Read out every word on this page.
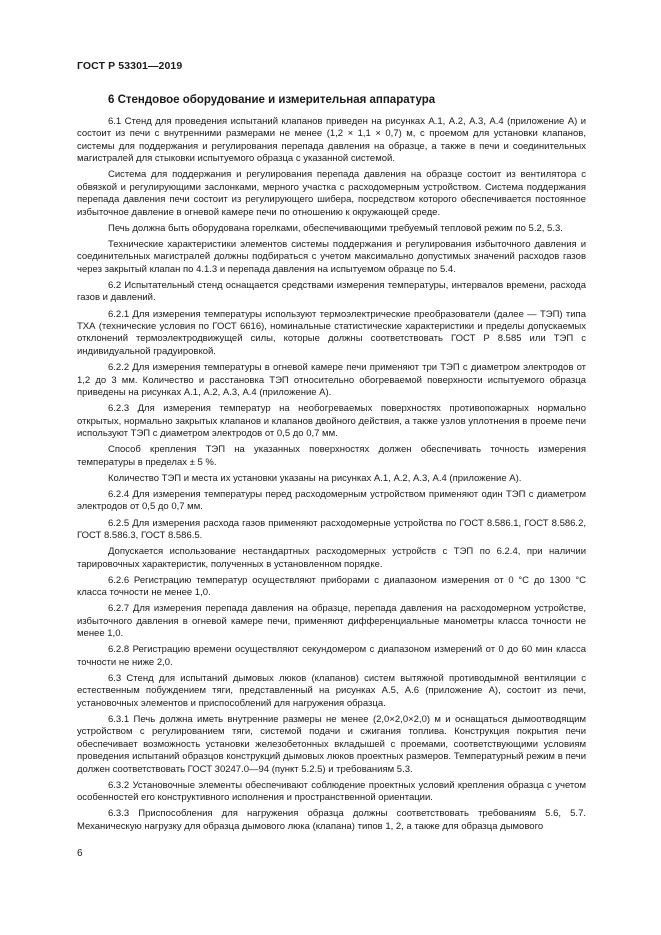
ГОСТ Р 53301—2019
6 Стендовое оборудование и измерительная аппаратура

6.1 Стенд для проведения испытаний клапанов приведен на рисунках А.1, А.2, А.3, А.4 (приложение А) и состоит из печи с внутренними размерами не менее (1,2 × 1,1 × 0,7) м, с проемом для установки клапанов, системы для поддержания и регулирования перепада давления на образце, а также в печи и соединительных магистралей для стыковки испытуемого образца с указанной системой.

Система для поддержания и регулирования перепада давления на образце состоит из вентилятора с обвязкой и регулирующими заслонками, мерного участка с расходомерным устройством. Система поддержания перепада давления печи состоит из регулирующего шибера, посредством которого обеспечивается постоянное избыточное давление в огневой камере печи по отношению к окружающей среде.

Печь должна быть оборудована горелками, обеспечивающими требуемый тепловой режим по 5.2, 5.3.

Технические характеристики элементов системы поддержания и регулирования избыточного давления и соединительных магистралей должны подбираться с учетом максимально допустимых значений расходов газов через закрытый клапан по 4.1.3 и перепада давления на испытуемом образце по 5.4.

6.2 Испытательный стенд оснащается средствами измерения температуры, интервалов времени, расхода газов и давлений.

6.2.1 Для измерения температуры используют термоэлектрические преобразователи (далее — ТЭП) типа ТХА (технические условия по ГОСТ 6616), номинальные статистические характеристики и пределы допускаемых отклонений термоэлектродвижущей силы, которые должны соответствовать ГОСТ Р 8.585 или ТЭП с индивидуальной градуировкой.

6.2.2 Для измерения температуры в огневой камере печи применяют три ТЭП с диаметром электродов от 1,2 до 3 мм. Количество и расстановка ТЭП относительно обогреваемой поверхности испытуемого образца приведены на рисунках А.1, А.2, А.3, А.4 (приложение А).

6.2.3 Для измерения температур на необогреваемых поверхностях противопожарных нормально открытых, нормально закрытых клапанов и клапанов двойного действия, а также узлов уплотнения в проеме печи используют ТЭП с диаметром электродов от 0,5 до 0,7 мм.

Способ крепления ТЭП на указанных поверхностях должен обеспечивать точность измерения температуры в пределах ± 5 %.

Количество ТЭП и места их установки указаны на рисунках А.1, А.2, А.3, А.4 (приложение А).

6.2.4 Для измерения температуры перед расходомерным устройством применяют один ТЭП с диаметром электродов от 0,5 до 0,7 мм.

6.2.5 Для измерения расхода газов применяют расходомерные устройства по ГОСТ 8.586.1, ГОСТ 8.586.2, ГОСТ 8.586.3, ГОСТ 8.586.5.

Допускается использование нестандартных расходомерных устройств с ТЭП по 6.2.4, при наличии тарировочных характеристик, полученных в установленном порядке.

6.2.6 Регистрацию температур осуществляют приборами с диапазоном измерения от 0 °С до 1300 °С класса точности не менее 1,0.

6.2.7 Для измерения перепада давления на образце, перепада давления на расходомерном устройстве, избыточного давления в огневой камере печи, применяют дифференциальные манометры класса точности не менее 1,0.

6.2.8 Регистрацию времени осуществляют секундомером с диапазоном измерений от 0 до 60 мин класса точности не ниже 2,0.

6.3 Стенд для испытаний дымовых люков (клапанов) систем вытяжной противодымной вентиляции с естественным побуждением тяги, представленный на рисунках А.5, А.6 (приложение А), состоит из печи, установочных элементов и приспособлений для нагружения образца.

6.3.1 Печь должна иметь внутренние размеры не менее (2,0×2,0×2,0) м и оснащаться дымоотводящим устройством с регулированием тяги, системой подачи и сжигания топлива. Конструкция покрытия печи обеспечивает возможность установки железобетонных вкладышей с проемами, соответствующими условиям проведения испытаний образцов конструкций дымовых люков проектных размеров. Температурный режим в печи должен соответствовать ГОСТ 30247.0—94 (пункт 5.2.5) и требованиям 5.3.

6.3.2 Установочные элементы обеспечивают соблюдение проектных условий крепления образца с учетом особенностей его конструктивного исполнения и пространственной ориентации.

6.3.3 Приспособления для нагружения образца должны соответствовать требованиям 5.6, 5.7. Механическую нагрузку для образца дымового люка (клапана) типов 1, 2, а также для образца дымового

6
